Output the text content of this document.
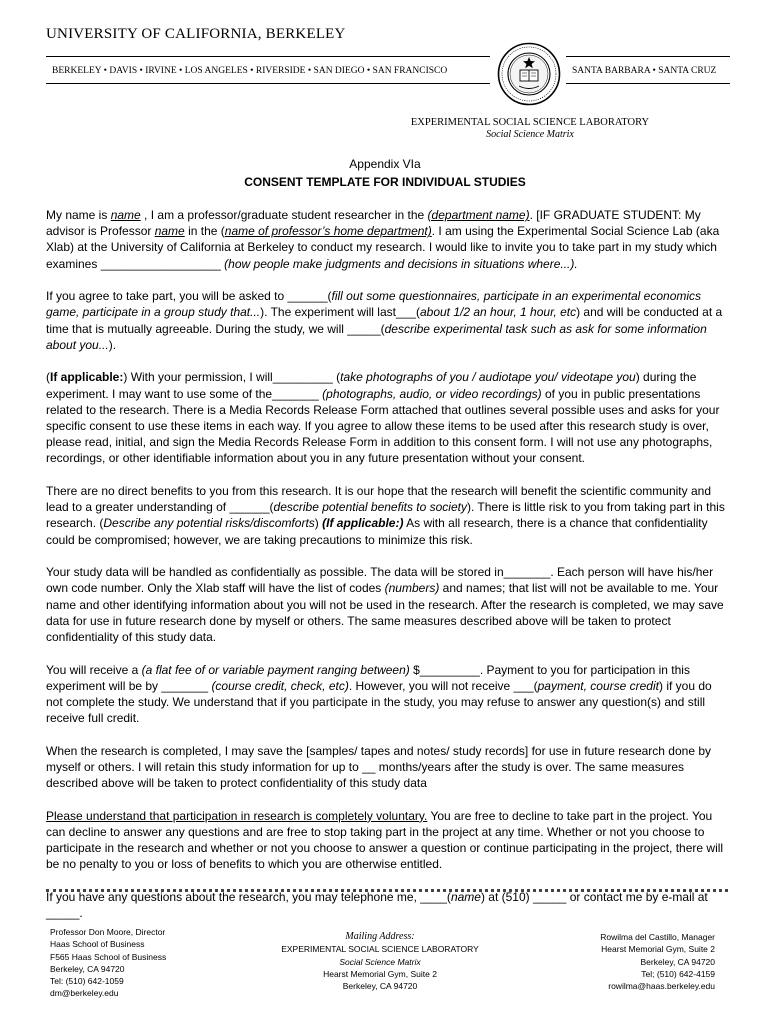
UNIVERSITY OF CALIFORNIA, BERKELEY
BERKELEY • DAVIS • IRVINE • LOS ANGELES • RIVERSIDE • SAN DIEGO • SAN FRANCISCO	SANTA BARBARA • SANTA CRUZ
EXPERIMENTAL SOCIAL SCIENCE LABORATORY
Social Science Matrix
Appendix VIa
CONSENT TEMPLATE FOR INDIVIDUAL STUDIES

My name is name , I am a professor/graduate student researcher in the (department name). [IF GRADUATE STUDENT: My advisor is Professor name in the (name of professor’s home department). I am using the Experimental Social Science Lab (aka Xlab) at the University of California at Berkeley to conduct my research. I would like to invite you to take part in my study which examines __________________ (how people make judgments and decisions in situations where...).

If you agree to take part, you will be asked to ______(fill out some questionnaires, participate in an experimental economics game, participate in a group study that...). The experiment will last___(about 1/2 an hour, 1 hour, etc) and will be conducted at a time that is mutually agreeable. During the study, we will _____(describe experimental task such as ask for some information about you...).

(If applicable:) With your permission, I will_________ (take photographs of you / audiotape you/ videotape you) during the experiment. I may want to use some of the_______ (photographs, audio, or video recordings) of you in public presentations related to the research. There is a Media Records Release Form attached that outlines several possible uses and asks for your specific consent to use these items in each way. If you agree to allow these items to be used after this research study is over, please read, initial, and sign the Media Records Release Form in addition to this consent form. I will not use any photographs, recordings, or other identifiable information about you in any future presentation without your consent.

There are no direct benefits to you from this research. It is our hope that the research will benefit the scientific community and lead to a greater understanding of ______(describe potential benefits to society). There is little risk to you from taking part in this research. (Describe any potential risks/discomforts) (If applicable:) As with all research, there is a chance that confidentiality could be compromised; however, we are taking precautions to minimize this risk.

Your study data will be handled as confidentially as possible. The data will be stored in_______. Each person will have his/her own code number. Only the Xlab staff will have the list of codes (numbers) and names; that list will not be available to me. Your name and other identifying information about you will not be used in the research. After the research is completed, we may save data for use in future research done by myself or others. The same measures described above will be taken to protect confidentiality of this study data.

You will receive a (a flat fee of or variable payment ranging between) $_________. Payment to you for participation in this experiment will be by _______ (course credit, check, etc). However, you will not receive ___(payment, course credit) if you do not complete the study. We understand that if you participate in the study, you may refuse to answer any question(s) and still receive full credit.

When the research is completed, I may save the [samples/ tapes and notes/ study records] for use in future research done by myself or others. I will retain this study information for up to __ months/years after the study is over. The same measures described above will be taken to protect confidentiality of this study data

Please understand that participation in research is completely voluntary. You are free to decline to take part in the project. You can decline to answer any questions and are free to stop taking part in the project at any time. Whether or not you choose to participate in the research and whether or not you choose to answer a question or continue participating in the project, there will be no penalty to you or loss of benefits to which you are otherwise entitled.

If you have any questions about the research, you may telephone me, ____(name) at (510) _____ or contact me by e-mail at _____.

Professor Don Moore, Director
Haas School of Business
F565 Haas School of Business
Berkeley, CA 94720
Tel: (510) 642-1059
dm@berkeley.edu
Mailing Address:
EXPERIMENTAL SOCIAL SCIENCE LABORATORY
Social Science Matrix
Hearst Memorial Gym, Suite 2
Berkeley, CA 94720
Rowilma del Castillo, Manager
Hearst Memorial Gym, Suite 2
Berkeley, CA 94720
Tel; (510) 642-4159
rowilma@haas.berkeley.edu
